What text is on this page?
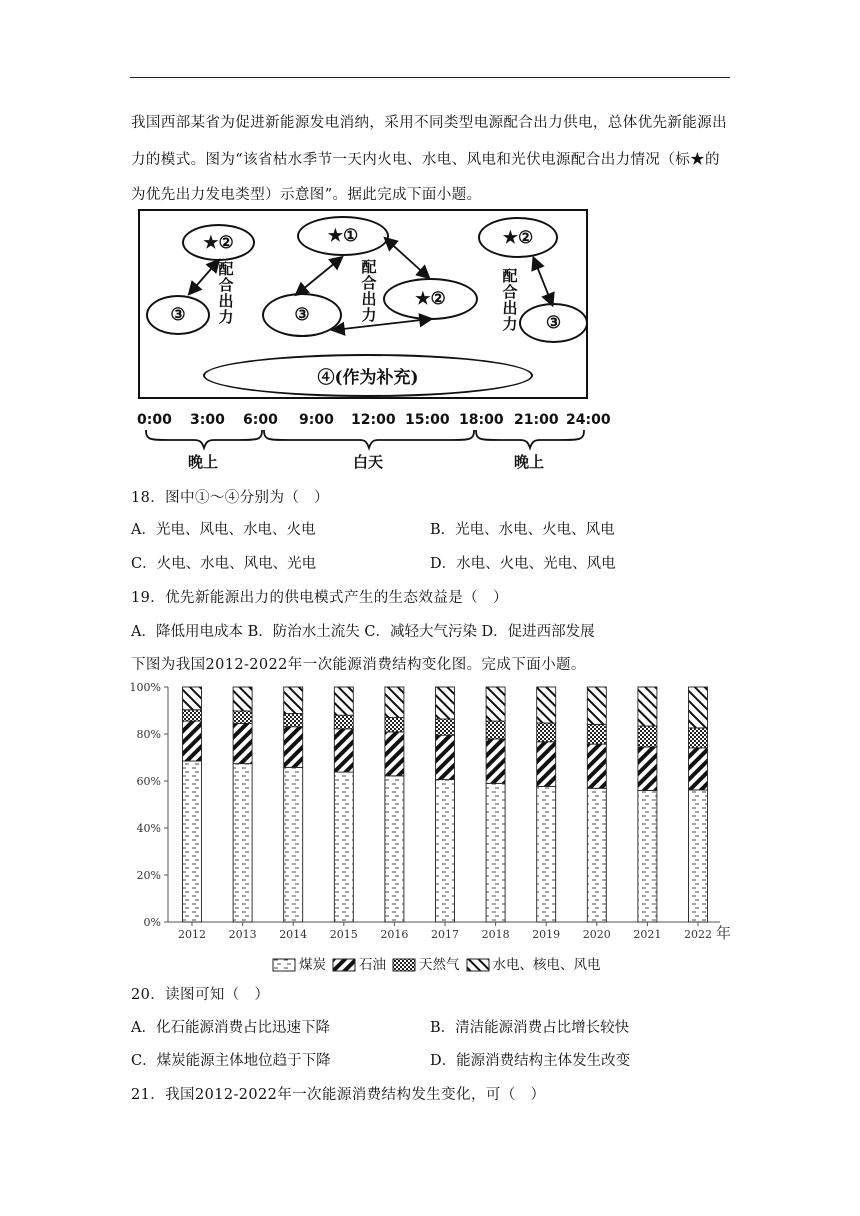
我国西部某省为促进新能源发电消纳，采用不同类型电源配合出力供电，总体优先新能源出
力的模式。图为“该省枯水季节一天内火电、水电、风电和光伏电源配合出力情况（标★的
为优先出力发电类型）示意图”。据此完成下面小题。
★②
③
配合出力
★①
③
★②
配合出力
★②
③
配合出力
④(作为补充)
0:00 3:00 6:00 9:00 12:00 15:00 18:00 21:00 24:00
晚上	白天	晚上
18．图中①～④分别为（　）
A．光电、风电、水电、火电	B．光电、水电、火电、风电
C．火电、水电、风电、光电	D．水电、火电、光电、风电
19．优先新能源出力的供电模式产生的生态效益是（　）
A．降低用电成本 B．防治水土流失 C．减轻大气污染 D．促进西部发展
下图为我国2012-2022年一次能源消费结构变化图。完成下面小题。
0%
20%
40%
60%
80%
100%
2012 2013 2014 2015 2016 2017 2018 2019 2020 2021 2022 年
煤炭 石油 天然气 水电、核电、风电
20．读图可知（　）
A．化石能源消费占比迅速下降	B．清洁能源消费占比增长较快
C．煤炭能源主体地位趋于下降	D．能源消费结构主体发生改变
21．我国2012-2022年一次能源消费结构发生变化，可（　）
